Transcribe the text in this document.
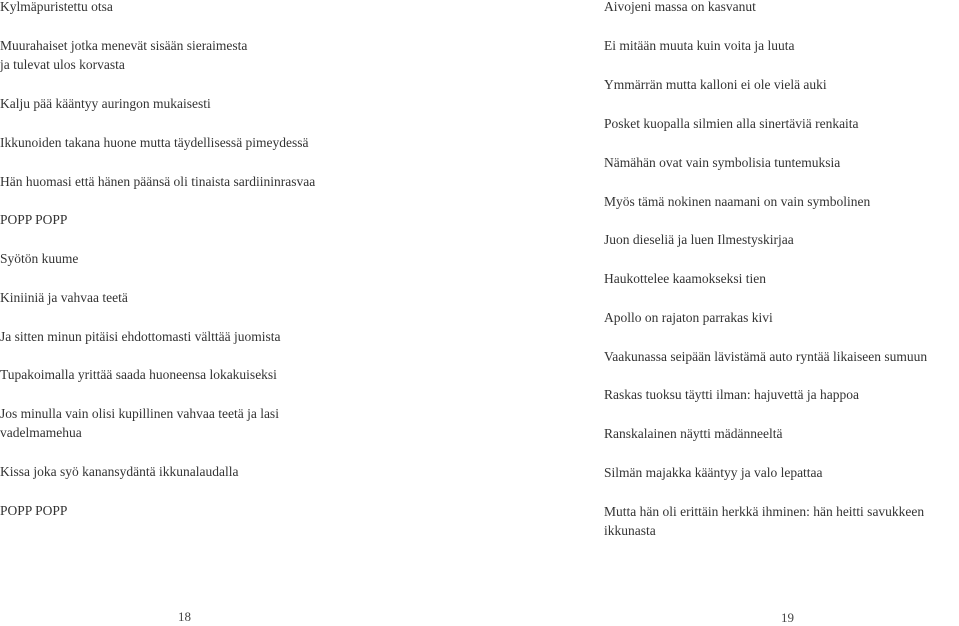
Kylmäpuristettu otsa

Muurahaiset jotka menevät sisään sieraimesta

ja tulevat ulos korvasta

Kalju pää kääntyy auringon mukaisesti

Ikkunoiden takana huone mutta täydellisessä pimeydessä

Hän huomasi että hänen päänsä oli tinaista sardiininrasvaa

POPP POPP

Syötön kuume

Kiniiniä ja vahvaa teetä

Ja sitten minun pitäisi ehdottomasti välttää juomista

Tupakoimalla yrittää saada huoneensa lokakuiseksi

Jos minulla vain olisi kupillinen vahvaa teetä ja lasi

vadelmamehua

Kissa joka syö kanansydäntä ikkunalaudalla

POPP POPP

18

Aivojeni massa on kasvanut

Ei mitään muuta kuin voita ja luuta

Ymmärrän mutta kalloni ei ole vielä auki

Posket kuopalla silmien alla sinertäviä renkaita

Nämähän ovat vain symbolisia tuntemuksia

Myös tämä nokinen naamani on vain symbolinen

Juon dieseliä ja luen Ilmestyskirjaa

Haukottelee kaamokseksi tien

Apollo on rajaton parrakas kivi

Vaakunassa seipään lävistämä auto ryntää likaiseen sumuun

Raskas tuoksu täytti ilman: hajuvettä ja happoa

Ranskalainen näytti mädänneeltä

Silmän majakka kääntyy ja valo lepattaa

Mutta hän oli erittäin herkkä ihminen: hän heitti savukkeen

ikkunasta

19
